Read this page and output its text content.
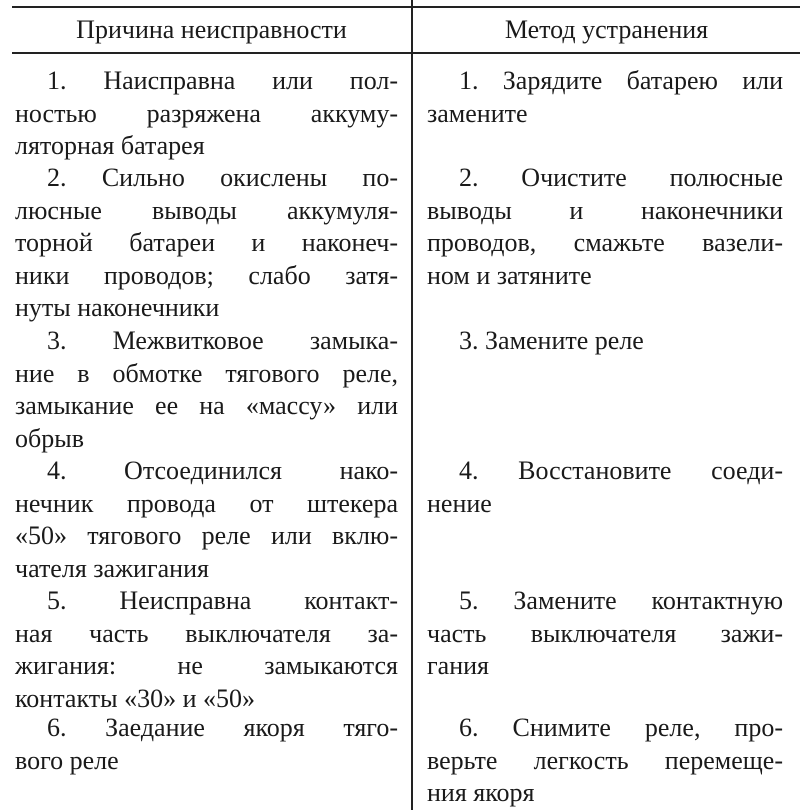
Причина неисправности	Метод устранения
1. Наисправна или пол-
ностью разряжена аккуму-
ляторная батарея
1. Зарядите батарею или
замените
2. Сильно окислены по-
люсные выводы аккумуля-
торной батареи и наконеч-
ники проводов; слабо затя-
нуты наконечники
2. Очистите полюсные
выводы и наконечники
проводов, смажьте вазели-
ном и затяните
3. Межвитковое замыка-
ние в обмотке тягового реле,
замыкание ее на «массу» или
обрыв
3. Замените реле
4. Отсоединился нако-
нечник провода от штекера
«50» тягового реле или вклю-
чателя зажигания
4. Восстановите соеди-
нение
5. Неисправна контакт-
ная часть выключателя за-
жигания: не замыкаются
контакты «30» и «50»
5. Замените контактную
часть выключателя зажи-
гания
6. Заедание якоря тяго-
вого реле
6. Снимите реле, про-
верьте легкость перемеще-
ния якоря
